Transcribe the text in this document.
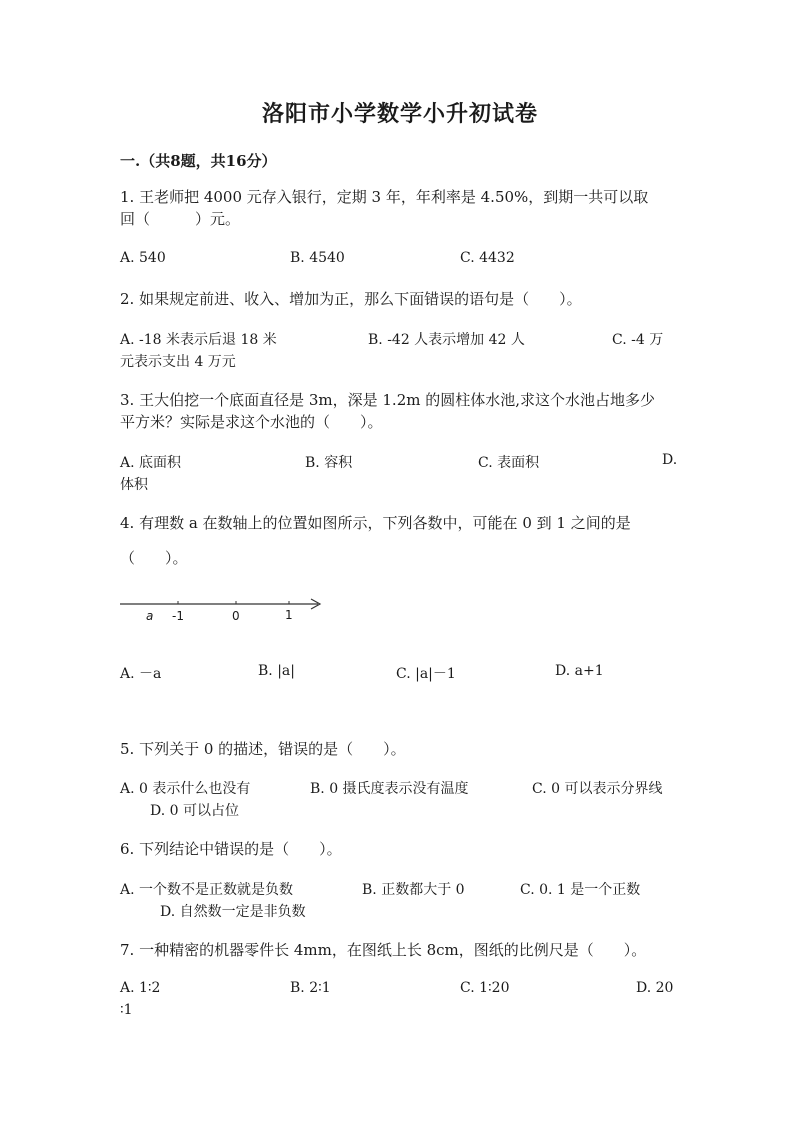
洛阳市小学数学小升初试卷
一.（共8题，共16分）
1. 王老师把 4000 元存入银行，定期 3 年，年利率是 4.50%，到期一共可以取
回（　　　）元。
A. 540	B. 4540	C. 4432
2. 如果规定前进、收入、增加为正，那么下面错误的语句是（　　）。
A. -18 米表示后退 18 米	B. -42 人表示增加 42 人	C. -4 万
元表示支出 4 万元
3. 王大伯挖一个底面直径是 3m，深是 1.2m 的圆柱体水池,求这个水池占地多少
平方米？实际是求这个水池的（　　）。
A. 底面积	B. 容积	C. 表面积	D.
体积
4. 有理数 a 在数轴上的位置如图所示，下列各数中，可能在 0 到 1 之间的是
（　　）。
a -1	0	1
A. －a	B. |a|	C. |a|－1	D. a+1
5. 下列关于 0 的描述，错误的是（　　）。
A. 0 表示什么也没有	B. 0 摄氏度表示没有温度	C. 0 可以表示分界线
D. 0 可以占位
6. 下列结论中错误的是（　　）。
A. 一个数不是正数就是负数	B. 正数都大于 0	C. 0. 1 是一个正数
D. 自然数一定是非负数
7. 一种精密的机器零件长 4mm，在图纸上长 8cm，图纸的比例尺是（　　）。
A. 1∶2	B. 2∶1	C. 1∶20	D. 20
∶1
